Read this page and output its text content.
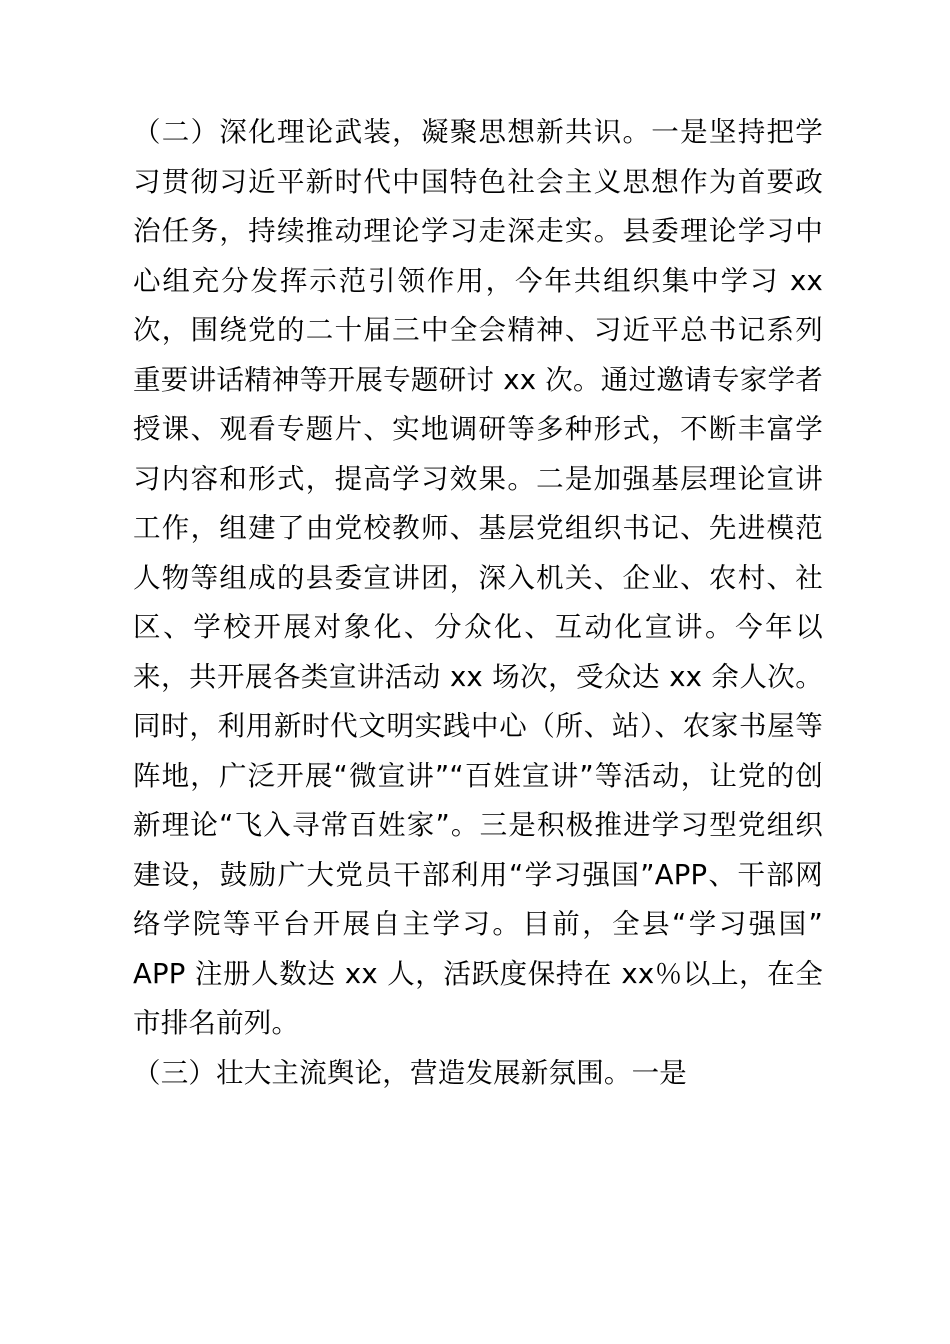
（二）深化理论武装，凝聚思想新共识。一是坚持把学习贯彻习近平新时代中国特色社会主义思想作为首要政治任务，持续推动理论学习走深走实。县委理论学习中心组充分发挥示范引领作用，今年共组织集中学习 xx 次，围绕党的二十届三中全会精神、习近平总书记系列重要讲话精神等开展专题研讨 xx 次。通过邀请专家学者授课、观看专题片、实地调研等多种形式，不断丰富学习内容和形式，提高学习效果。二是加强基层理论宣讲工作，组建了由党校教师、基层党组织书记、先进模范人物等组成的县委宣讲团，深入机关、企业、农村、社区、学校开展对象化、分众化、互动化宣讲。今年以来，共开展各类宣讲活动 xx 场次，受众达 xx 余人次。同时，利用新时代文明实践中心（所、站）、农家书屋等阵地，广泛开展“微宣讲”“百姓宣讲”等活动，让党的创新理论“飞入寻常百姓家”。三是积极推进学习型党组织建设，鼓励广大党员干部利用“学习强国”APP、干部网络学院等平台开展自主学习。目前，全县“学习强国”APP 注册人数达 xx 人，活跃度保持在 xx％以上，在全市排名前列。

（三）壮大主流舆论，营造发展新氛围。一是
